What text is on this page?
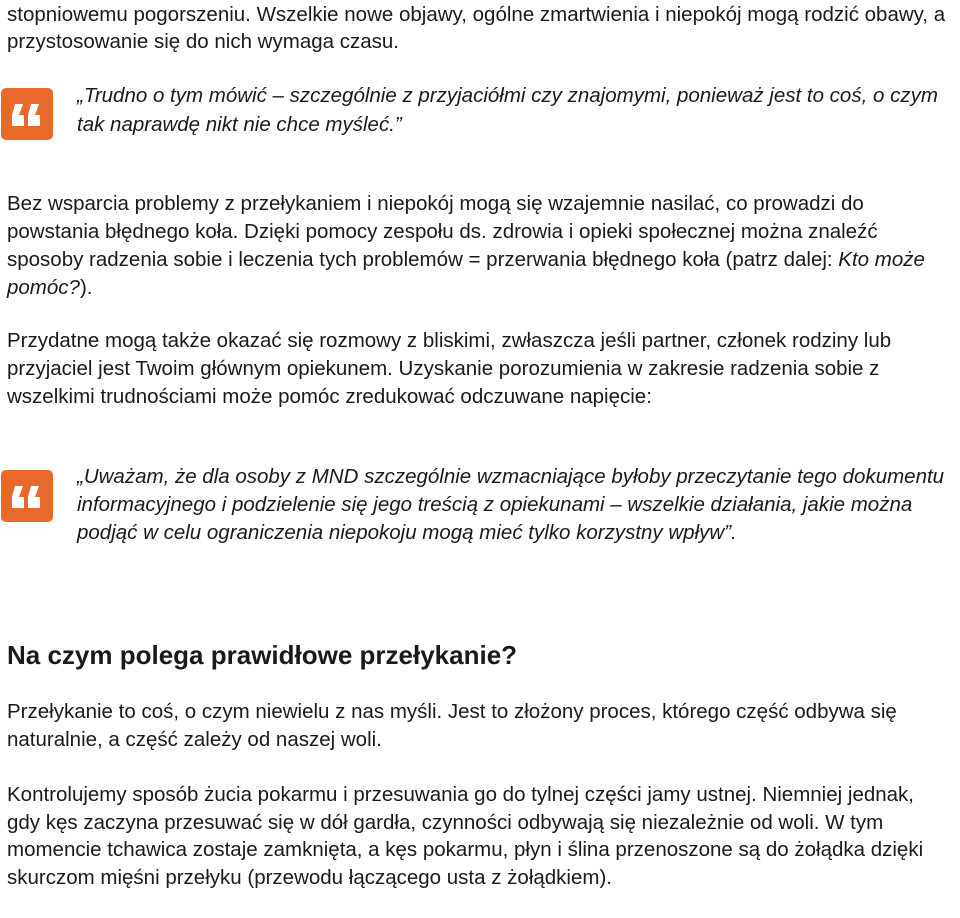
stopniowemu pogorszeniu. Wszelkie nowe objawy, ogólne zmartwienia i niepokój mogą rodzić obawy, a przystosowanie się do nich wymaga czasu.

„Trudno o tym mówić – szczególnie z przyjaciółmi czy znajomymi, ponieważ jest to coś, o czym tak naprawdę nikt nie chce myśleć.”

Bez wsparcia problemy z przełykaniem i niepokój mogą się wzajemnie nasilać, co prowadzi do powstania błędnego koła. Dzięki pomocy zespołu ds. zdrowia i opieki społecznej można znaleźć sposoby radzenia sobie i leczenia tych problemów = przerwania błędnego koła (patrz dalej: Kto może pomóc?).

Przydatne mogą także okazać się rozmowy z bliskimi, zwłaszcza jeśli partner, członek rodziny lub przyjaciel jest Twoim głównym opiekunem. Uzyskanie porozumienia w zakresie radzenia sobie z wszelkimi trudnościami może pomóc zredukować odczuwane napięcie:

„Uważam, że dla osoby z MND szczególnie wzmacniające byłoby przeczytanie tego dokumentu informacyjnego i podzielenie się jego treścią z opiekunami – wszelkie działania, jakie można podjąć w celu ograniczenia niepokoju mogą mieć tylko korzystny wpływ”.

Na czym polega prawidłowe przełykanie?

Przełykanie to coś, o czym niewielu z nas myśli. Jest to złożony proces, którego część odbywa się naturalnie, a część zależy od naszej woli.

Kontrolujemy sposób żucia pokarmu i przesuwania go do tylnej części jamy ustnej. Niemniej jednak, gdy kęs zaczyna przesuwać się w dół gardła, czynności odbywają się niezależnie od woli. W tym momencie tchawica zostaje zamknięta, a kęs pokarmu, płyn i ślina przenoszone są do żołądka dzięki skurczom mięśni przełyku (przewodu łączącego usta z żołądkiem).
